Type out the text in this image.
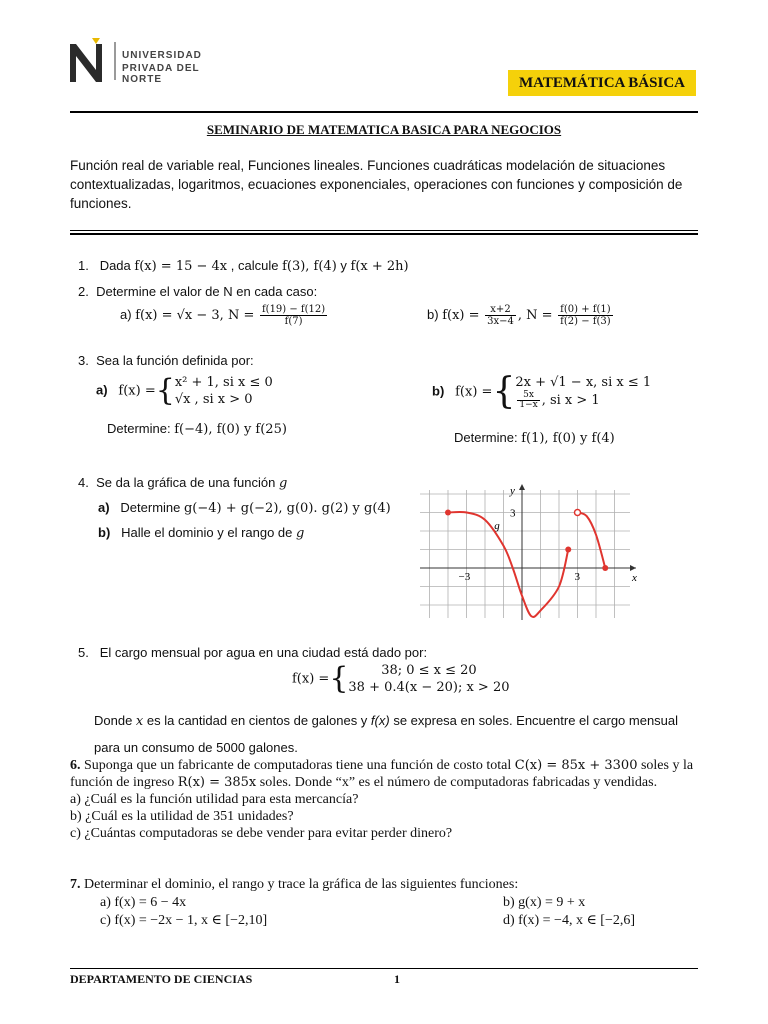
UNIVERSIDAD
PRIVADA DEL NORTE	MATEMÁTICA BÁSICA
SEMINARIO DE MATEMATICA BASICA PARA NEGOCIOS
Función real de variable real, Funciones lineales. Funciones cuadráticas modelación de situaciones contextualizadas, logaritmos, ecuaciones exponenciales, operaciones con funciones y composición de funciones.
1. Dada f(x) = 15 − 4x , calcule f(3), f(4) y f(x + 2h)
2. Determine el valor de N en cada caso:
a) f(x) = √x − 3, $N = \frac{f(19) - f(12)}{f(7)}$	b) $f(x) = \frac{x+2}{3x-4}$ , $N = \frac{f(0) + f(1)}{f(2) - f(3)}$
3. Sea la función definida por:
a) f(x) ={x² + 1, si x ≤ 0
√x , si x > 0
Determine: f(−4), f(0) y f(25)
b) f(x) ={2x + √1 − x, si x ≤ 1

$\frac{5x}{1-x}$ , si x > 1
Determine: f(1), f(0) y f(4)
4. Se da la gráfica de una función g
a) Determine g(−4) + g(−2), g(0). g(2) y g(4)
b) Halle el dominio y el rango de g
x
y
−3	3
3
g
5. El cargo mensual por agua en una ciudad está dado por:
f(x) ={	38; 0 ≤ x ≤ 20
38 + 0.4(x − 20); x > 20
Donde x es la cantidad en cientos de galones y f(x) se expresa en soles. Encuentre el cargo mensual para un consumo de 5000 galones.
6. Suponga que un fabricante de computadoras tiene una función de costo total C(x) = 85x + 3300 soles y la función de ingreso R(x) = 385x soles. Donde “x” es el número de computadoras fabricadas y vendidas.
a) ¿Cuál es la función utilidad para esta mercancía?
b) ¿Cuál es la utilidad de 351 unidades?
c) ¿Cuántas computadoras se debe vender para evitar perder dinero?
7. Determinar el dominio, el rango y trace la gráfica de las siguientes funciones:
a) f(x) = 6 − 4x	b) g(x) = 9 + x
c) f(x) = −2x − 1, x ∈ [−2,10]	d) f(x) = −4, x ∈ [−2,6]
DEPARTAMENTO DE CIENCIAS	1
